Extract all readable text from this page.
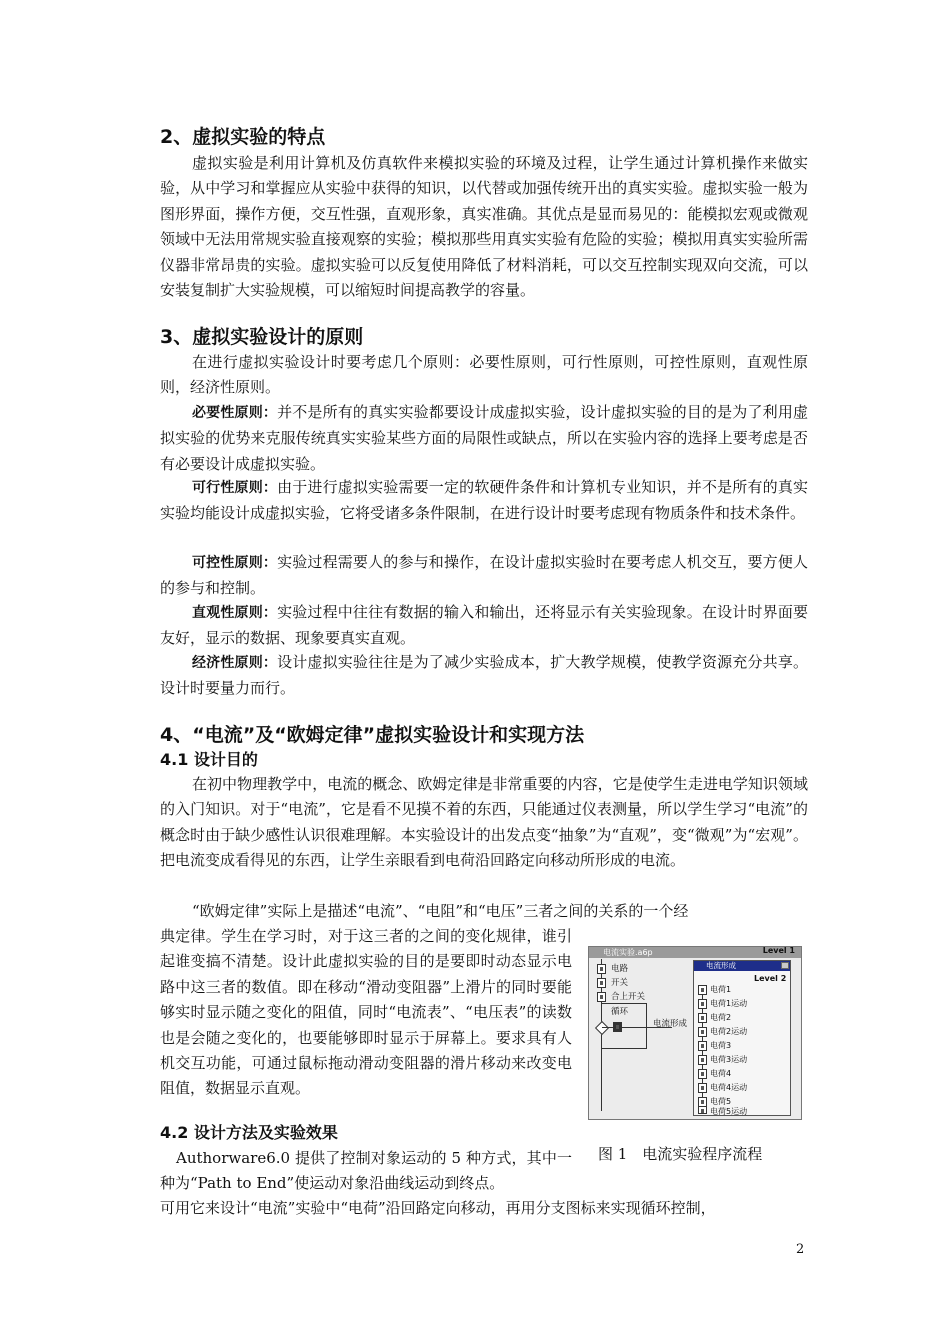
2、虚拟实验的特点

虚拟实验是利用计算机及仿真软件来模拟实验的环境及过程，让学生通过计算机操作来做实验，从中学习和掌握应从实验中获得的知识，以代替或加强传统开出的真实实验。虚拟实验一般为图形界面，操作方便，交互性强，直观形象，真实准确。其优点是显而易见的：能模拟宏观或微观领域中无法用常规实验直接观察的实验；模拟那些用真实实验有危险的实验；模拟用真实实验所需仪器非常昂贵的实验。虚拟实验可以反复使用降低了材料消耗，可以交互控制实现双向交流，可以安装复制扩大实验规模，可以缩短时间提高教学的容量。

3、虚拟实验设计的原则

在进行虚拟实验设计时要考虑几个原则：必要性原则，可行性原则，可控性原则，直观性原则，经济性原则。

必要性原则：并不是所有的真实实验都要设计成虚拟实验，设计虚拟实验的目的是为了利用虚拟实验的优势来克服传统真实实验某些方面的局限性或缺点，所以在实验内容的选择上要考虑是否有必要设计成虚拟实验。

可行性原则：由于进行虚拟实验需要一定的软硬件条件和计算机专业知识，并不是所有的真实实验均能设计成虚拟实验，它将受诸多条件限制，在进行设计时要考虑现有物质条件和技术条件。

可控性原则：实验过程需要人的参与和操作，在设计虚拟实验时在要考虑人机交互，要方便人的参与和控制。

直观性原则：实验过程中往往有数据的输入和输出，还将显示有关实验现象。在设计时界面要友好，显示的数据、现象要真实直观。

经济性原则：设计虚拟实验往往是为了减少实验成本，扩大教学规模，使教学资源充分共享。设计时要量力而行。

4、“电流”及“欧姆定律”虚拟实验设计和实现方法
4.1 设计目的

在初中物理教学中，电流的概念、欧姆定律是非常重要的内容，它是使学生走进电学知识领域的入门知识。对于“电流”，它是看不见摸不着的东西，只能通过仪表测量，所以学生学习“电流”的概念时由于缺少感性认识很难理解。本实验设计的出发点变“抽象”为“直观”，变“微观”为“宏观”。把电流变成看得见的东西，让学生亲眼看到电荷沿回路定向移动所形成的电流。

“欧姆定律”实际上是描述“电流”、“电阻”和“电压”三者之间的关系的一个经

典定律。学生在学习时，对于这三者的之间的变化规律，谁引起谁变搞不清楚。设计此虚拟实验的目的是要即时动态显示电路中这三者的数值。即在移动“滑动变阻器”上滑片的同时要能够实时显示随之变化的阻值，同时“电流表”、“电压表”的读数也是会随之变化的，也要能够即时显示于屏幕上。要求具有人机交互功能，可通过鼠标拖动滑动变阻器的滑片移动来改变电阻值，数据显示直观。

4.2 设计方法及实验效果

Authorware6.0 提供了控制对象运动的 5 种方式，其中一种为“Path to End”使运动对象沿曲线运动到终点。

可用它来设计“电流”实验中“电荷”沿回路定向移动，再用分支图标来实现循环控制，

电流实验.a6p	Level 1
电路
开关
合上开关
循环
电流形成
电流形成
Level 2
电荷1
电荷1运动
电荷2
电荷2运动
电荷3
电荷3运动
电荷4
电荷4运动
电荷5
电荷5运动
图 1　电流实验程序流程
2
